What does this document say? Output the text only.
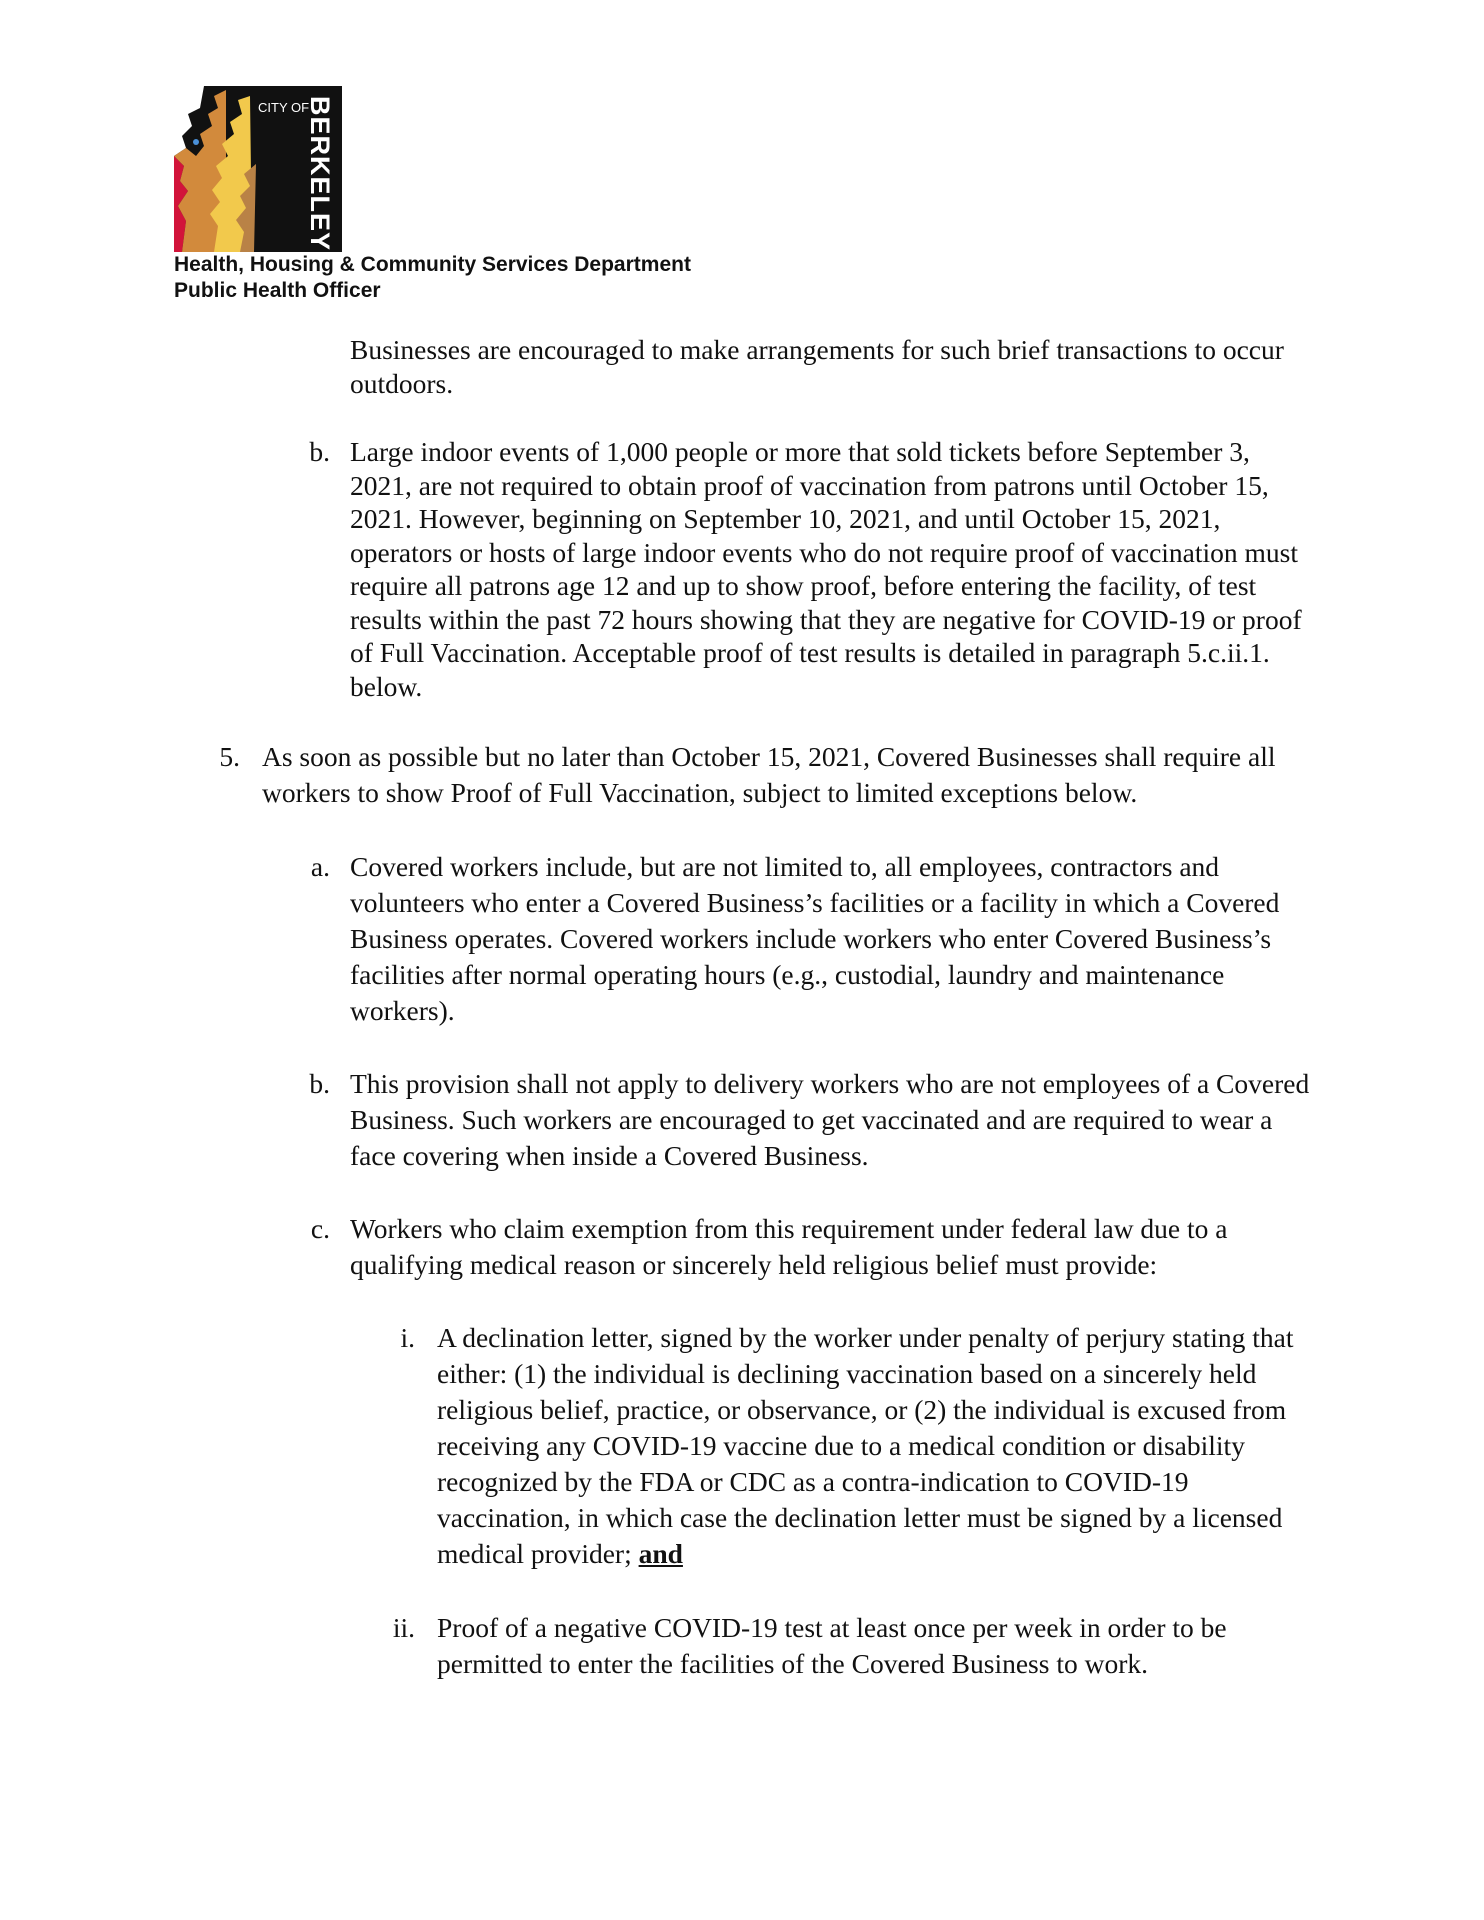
CITY OF
BERKELEY
Health, Housing & Community Services Department
Public Health Officer
Businesses are encouraged to make arrangements for such brief transactions to occur outdoors.
b. Large indoor events of 1,000 people or more that sold tickets before September 3, 2021, are not required to obtain proof of vaccination from patrons until October 15, 2021. However, beginning on September 10, 2021, and until October 15, 2021, operators or hosts of large indoor events who do not require proof of vaccination must require all patrons age 12 and up to show proof, before entering the facility, of test results within the past 72 hours showing that they are negative for COVID-19 or proof of Full Vaccination. Acceptable proof of test results is detailed in paragraph 5.c.ii.1. below.
5. As soon as possible but no later than October 15, 2021, Covered Businesses shall require all workers to show Proof of Full Vaccination, subject to limited exceptions below.
a. Covered workers include, but are not limited to, all employees, contractors and volunteers who enter a Covered Business’s facilities or a facility in which a Covered Business operates. Covered workers include workers who enter Covered Business’s facilities after normal operating hours (e.g., custodial, laundry and maintenance workers).
b. This provision shall not apply to delivery workers who are not employees of a Covered Business. Such workers are encouraged to get vaccinated and are required to wear a face covering when inside a Covered Business.
c. Workers who claim exemption from this requirement under federal law due to a qualifying medical reason or sincerely held religious belief must provide:
i. A declination letter, signed by the worker under penalty of perjury stating that either: (1) the individual is declining vaccination based on a sincerely held religious belief, practice, or observance, or (2) the individual is excused from receiving any COVID-19 vaccine due to a medical condition or disability recognized by the FDA or CDC as a contra-indication to COVID-19 vaccination, in which case the declination letter must be signed by a licensed medical provider; and
ii. Proof of a negative COVID-19 test at least once per week in order to be permitted to enter the facilities of the Covered Business to work.
